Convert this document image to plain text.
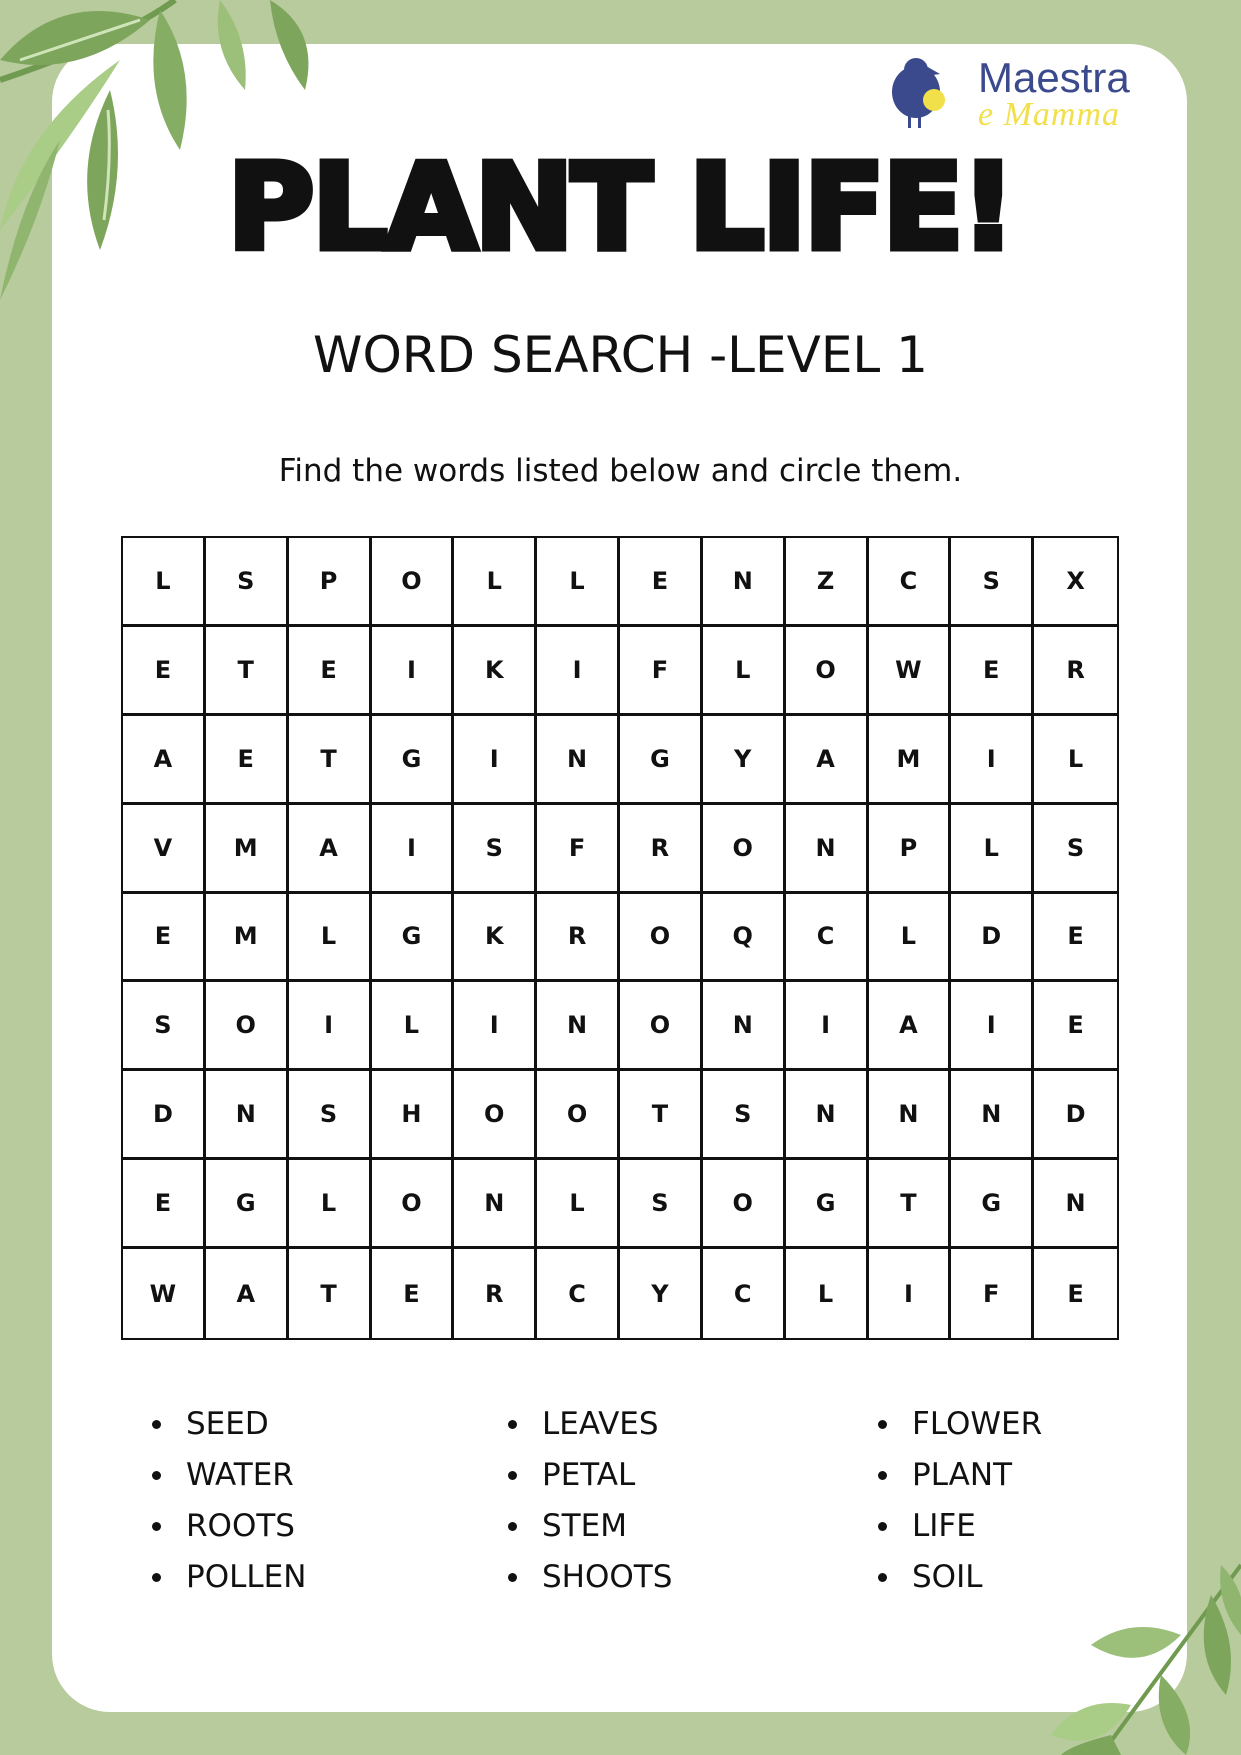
Maestra
e Mamma
PLANT LIFE!
WORD SEARCH -LEVEL 1
Find the words listed below and circle them.
L	S	P	O	L	L	E	N	Z	C	S	X
E	T	E	I	K	I	F	L	O	W	E	R
A	E	T	G	I	N	G	Y	A	M	I	L
V	M	A	I	S	F	R	O	N	P	L	S
E	M	L	G	K	R	O	Q	C	L	D	E
S	O	I	L	I	N	O	N	I	A	I	E
D	N	S	H	O	O	T	S	N	N	N	D
E	G	L	O	N	L	S	O	G	T	G	N
W	A	T	E	R	C	Y	C	L	I	F	E
SEED
WATER
ROOTS
POLLEN
LEAVES
PETAL
STEM
SHOOTS
FLOWER
PLANT
LIFE
SOIL
